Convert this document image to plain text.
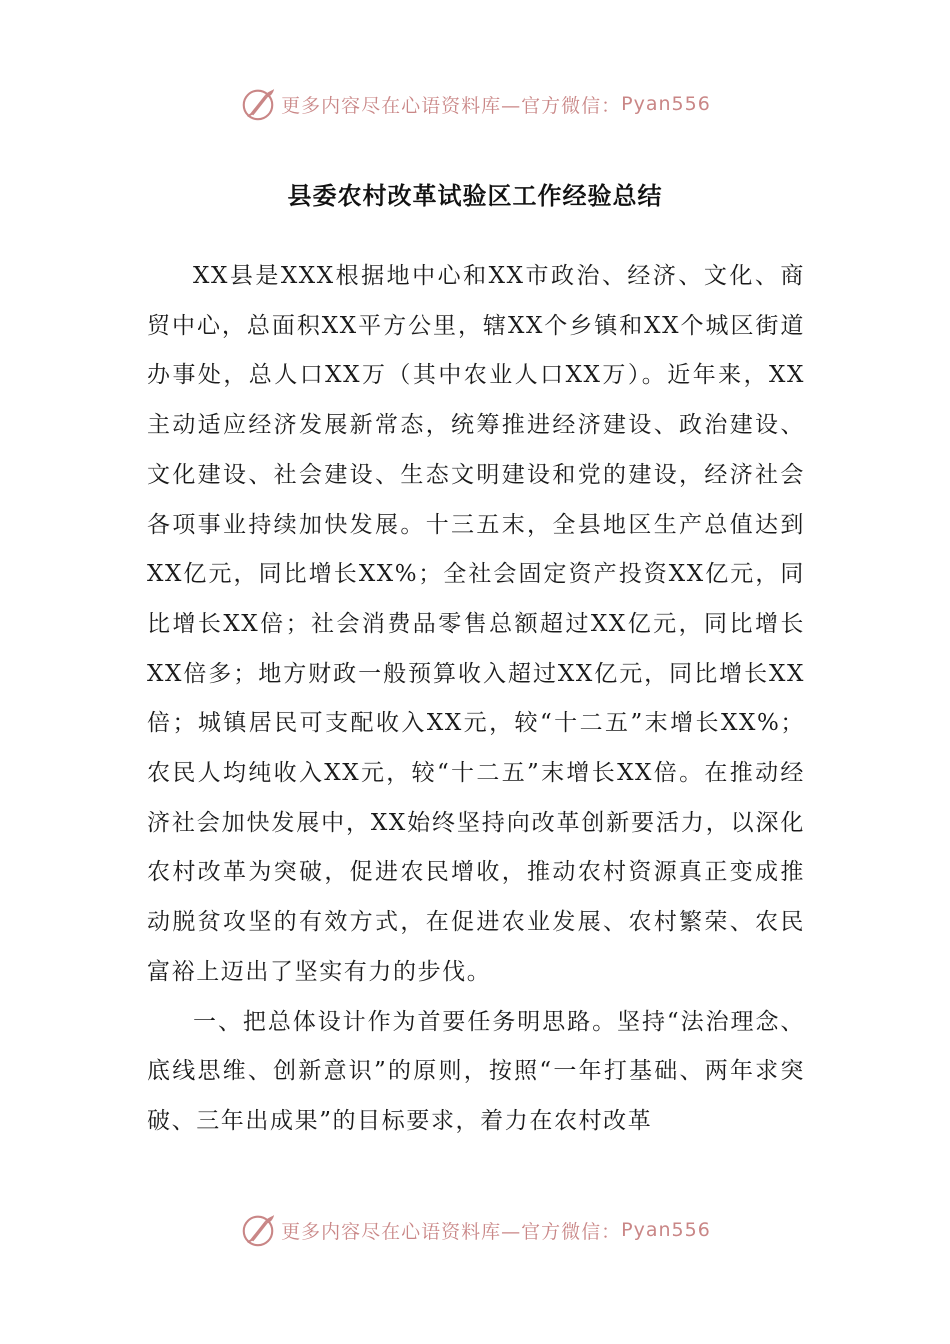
更多内容尽在心语资料库—官方微信： Pyan556
县委农村改革试验区工作经验总结

XX县是XXX根据地中心和XX市政治、经济、文化、商贸中心，总面积XX平方公里，辖XX个乡镇和XX个城区街道办事处，总人口XX万（其中农业人口XX万）。近年来，XX主动适应经济发展新常态，统筹推进经济建设、政治建设、文化建设、社会建设、生态文明建设和党的建设，经济社会各项事业持续加快发展。十三五末，全县地区生产总值达到XX亿元，同比增长XX%；全社会固定资产投资XX亿元，同比增长XX倍；社会消费品零售总额超过XX亿元，同比增长XX倍多；地方财政一般预算收入超过XX亿元，同比增长XX倍；城镇居民可支配收入XX元，较“十二五”末增长XX%；农民人均纯收入XX元，较“十二五”末增长XX倍。在推动经济社会加快发展中，XX始终坚持向改革创新要活力，以深化农村改革为突破，促进农民增收，推动农村资源真正变成推动脱贫攻坚的有效方式，在促进农业发展、农村繁荣、农民富裕上迈出了坚实有力的步伐。

一、把总体设计作为首要任务明思路。坚持“法治理念、底线思维、创新意识”的原则，按照“一年打基础、两年求突破、三年出成果”的目标要求，着力在农村改革

更多内容尽在心语资料库—官方微信： Pyan556
